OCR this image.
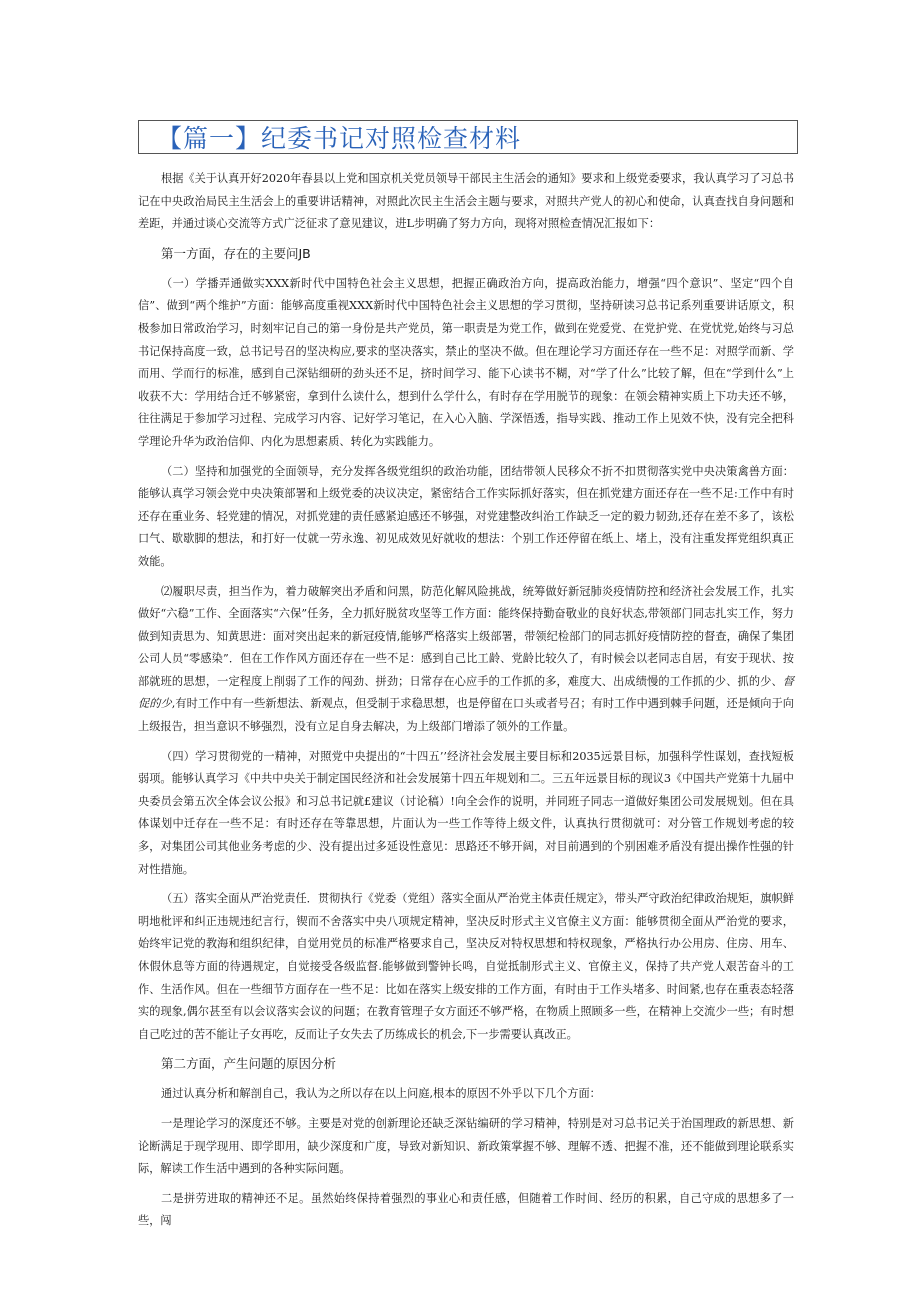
【篇一】纪委书记对照检查材料

根据《关于认真开好2020年春县以上党和国京机关党员领导干部民主生活会的通知》要求和上级党委要求，我认真学习了习总书记在中央政治局民主生活会上的重要讲话精神，对照此次民主生活会主题与要求，对照共产党人的初心和使命，认真查找自身问题和差距，并通过谈心交流等方式广泛征求了意见建议，进L步明确了努力方向，现将对照检查情况汇报如下：

第一方面，存在的主要问JB

（一）学播弄通做实XXX新时代中国特色社会主义思想，把握正确政治方向，提高政治能力，增强“四个意识”、坚定“四个自信”、做到“两个维护”方面：能够高度重视XXX新时代中国特色社会主义思想的学习贯彻，坚持研读习总书记系列重要讲话原文，积极参加日常政治学习，时刻牢记自己的第一身份是共产党员，第一职责是为党工作，做到在党爱党、在党护党、在党忧党,始终与习总书记保持高度一致，总书记号召的坚决构应,要求的坚决落实，禁止的坚决不做。但在理论学习方面还存在一些不足：对照学而新、学而用、学而行的标准，感到自己深钻细研的劲头还不足，挤时间学习、能下心读书不糊，对“学了什么”比较了解，但在“学到什么”上收获不大：学用结合迁不够紧密，拿到什么读什么，想到什么学什么，有时存在学用脱节的现象：在领会精神实质上下功夫还不够，往往满足于参加学习过程、完成学习内容、记好学习笔记，在入心入脑、学深悟透，指导实践、推动工作上见效不快，没有完全把科学理论升华为政治信仰、内化为思想素质、转化为实践能力。

（二）坚持和加强党的全面领导，充分发挥各级党组织的政治功能，团结带领人民移众不折不扣贯彻落实党中央决策禽兽方面：能够认真学习领会党中央决策部署和上级党委的决议决定，紧密结合工作实际抓好落实，但在抓党建方面还存在一些不足:工作中有时还存在重业务、轻党建的情况，对抓党建的责任感紧迫感还不够强，对党建整改纠治工作缺乏一定的毅力韧劲,还存在差不多了，该松口气、歇歇脚的想法，和打好一仗就一劳永逸、初见成效见好就收的想法：个别工作还停留在纸上、堵上，没有注重发挥党组织真正效能。

⑵履职尽责，担当作为，着力破解突出矛盾和问黑，防范化解风险挑战，统筹做好新冠肺炎疫情防控和经济社会发展工作，扎实做好“六稳”工作、全面落实“六保”任务，全力抓好脱贫攻坚等工作方面：能终保持勤奋敬业的良好状态,带领部门同志扎实工作，努力做到知责思为、知黄思进：面对突出起来的新冠疫情,能够严格落实上级部署，带领纪检部门的同志抓好疫情防控的督查，确保了集团公司人员“零感染”．但在工作作风方面还存在一些不足：感到自己比工龄、党龄比较久了，有时候会以老同志自居，有安于现状、按部就班的思想，一定程度上削弱了工作的闯劲、拼劲；日常存在心应手的工作抓的多，难度大、出成绩慢的工作抓的少、抓的少、督促的少,有时工作中有一些新想法、新观点，但受制于求稳思想，也是停留在口头或者号召；有时工作中遇到棘手问题，还是倾向于向上级报告，担当意识不够强烈，没有立足自身去解决，为上级部门增添了领外的工作量。

（四）学习贯彻党的一精神，对照党中央提出的“十四五’’经济社会发展主要目标和2035远景目标，加强科学性谋划，查找短板弱项。能够认真学习《中共中央关于制定国民经济和社会发展第十四五年规划和二。三五年远景目标的现议3《中国共产党第十九届中央委员会第五次全体会议公报》和习总书记就£建议（讨论稿）!向全会作的说明，并同班子同志一道做好集团公司发展规划。但在具体谋划中迁存在一些不足：有时还存在等靠思想，片面认为一些工作等待上级文件，认真执行贯彻就可：对分管工作规划考虑的较多，对集团公司其他业务考虑的少、没有提出过多延设性意见：思路还不够开阔，对目前遇到的个别困难矛盾没有提出操作性强的针对性措施。

（五）落实全面从严治党责任．贯彻执行《党委（党组）落实全面从严治党主体责任规定》，带头严守政治纪律政治规矩，旗帜鲜明地枇评和纠正违规违纪言行，锲而不舍落实中央八项规定精神，坚决反时形式主义官僚主义方面：能够贯彻全面从严治党的要求，始终牢记党的教海和组织纪律，自觉用党员的标准严格要求自己，坚决反对特权思想和特权现象，严格执行办公用房、住房、用车、休假休息等方面的待遇规定，自觉接受各级监督.能够做到警钟长鸣，自觉抵制形式主义、官僚主义，保持了共产党人艰苦奋斗的工作、生活作风。但在一些细节方面存在一些不足：比如在落实上级安排的工作方面，有时由于工作头堵多、时间紧,也存在重表态轻落实的现象,偶尔甚至有以会议落实会议的问题；在教育管理子女方面还不够严格，在物质上照顾多一些，在精神上交流少一些；有时想自己吃过的苦不能让子女再吃，反而让子女失去了历练成长的机会,下一步需要认真改正。

第二方面，产生问题的原因分析

通过认真分析和解剖自己，我认为之所以存在以上问庭,根本的原因不外乎以下几个方面：

一是理论学习的深度还不够。主要是对党的创新理论还缺乏深钻编研的学习精神，特别是对习总书记关于治国理政的新思想、新论断满足于现学现用、即学即用，缺少深度和广度，导致对新知识、新政策掌握不够、理解不透、把握不准，还不能做到理论联系实际，解读工作生活中遇到的各种实际问题。

二是拼劳进取的精神还不足。虽然始终保持着强烈的事业心和责任感，但随着工作时间、经历的积累，自己守成的思想多了一些，闯
